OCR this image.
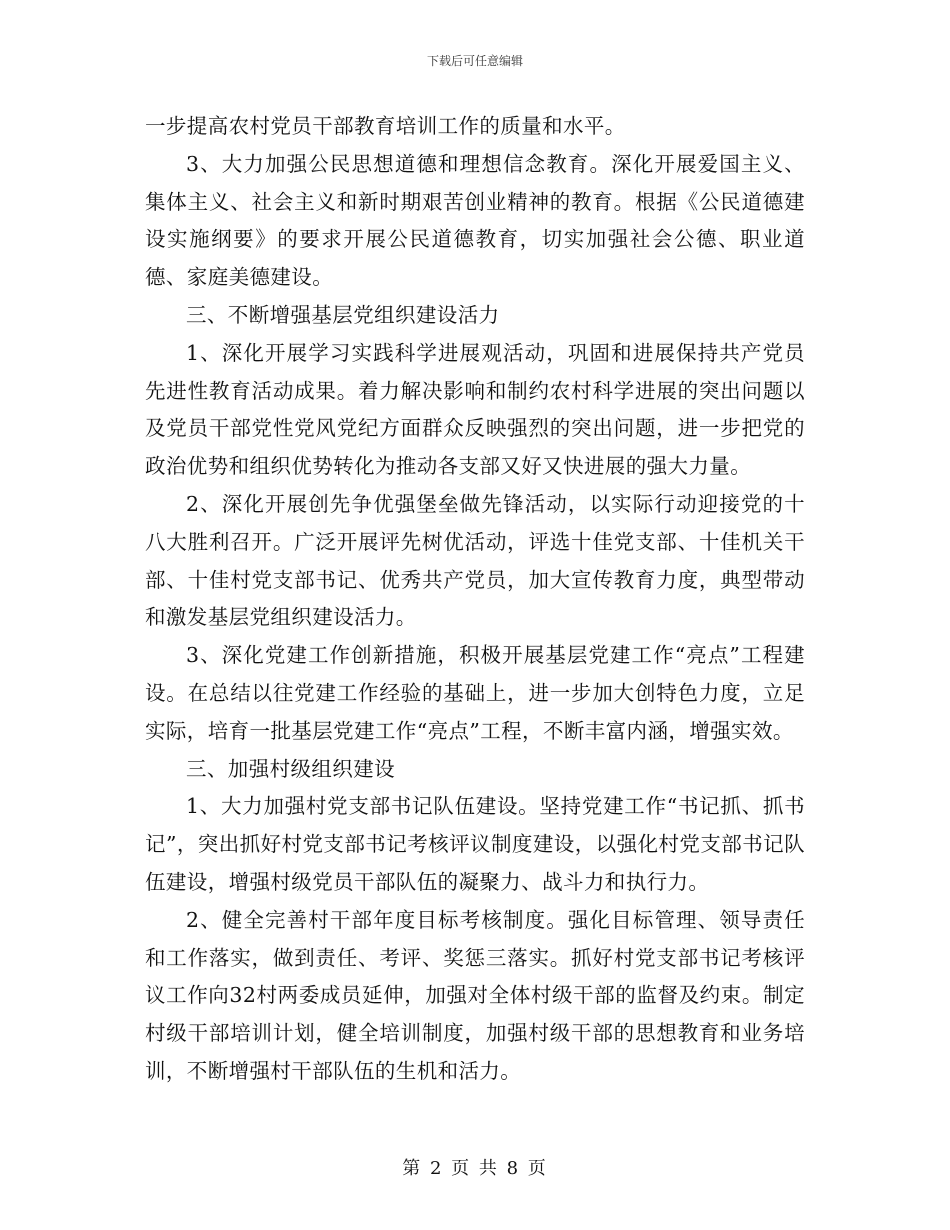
下载后可任意编辑

一步提高农村党员干部教育培训工作的质量和水平。

3、大力加强公民思想道德和理想信念教育。深化开展爱国主义、集体主义、社会主义和新时期艰苦创业精神的教育。根据《公民道德建设实施纲要》的要求开展公民道德教育，切实加强社会公德、职业道德、家庭美德建设。

三、不断增强基层党组织建设活力

1、深化开展学习实践科学进展观活动，巩固和进展保持共产党员先进性教育活动成果。着力解决影响和制约农村科学进展的突出问题以及党员干部党性党风党纪方面群众反映强烈的突出问题，进一步把党的政治优势和组织优势转化为推动各支部又好又快进展的强大力量。

2、深化开展创先争优强堡垒做先锋活动，以实际行动迎接党的十八大胜利召开。广泛开展评先树优活动，评选十佳党支部、十佳机关干部、十佳村党支部书记、优秀共产党员，加大宣传教育力度，典型带动和激发基层党组织建设活力。

3、深化党建工作创新措施，积极开展基层党建工作“亮点”工程建设。在总结以往党建工作经验的基础上，进一步加大创特色力度，立足实际，培育一批基层党建工作“亮点”工程，不断丰富内涵，增强实效。

三、加强村级组织建设

1、大力加强村党支部书记队伍建设。坚持党建工作“书记抓、抓书记”，突出抓好村党支部书记考核评议制度建设，以强化村党支部书记队伍建设，增强村级党员干部队伍的凝聚力、战斗力和执行力。

2、健全完善村干部年度目标考核制度。强化目标管理、领导责任和工作落实，做到责任、考评、奖惩三落实。抓好村党支部书记考核评议工作向32村两委成员延伸，加强对全体村级干部的监督及约束。制定村级干部培训计划，健全培训制度，加强村级干部的思想教育和业务培训，不断增强村干部队伍的生机和活力。

第 2 页 共 8 页
